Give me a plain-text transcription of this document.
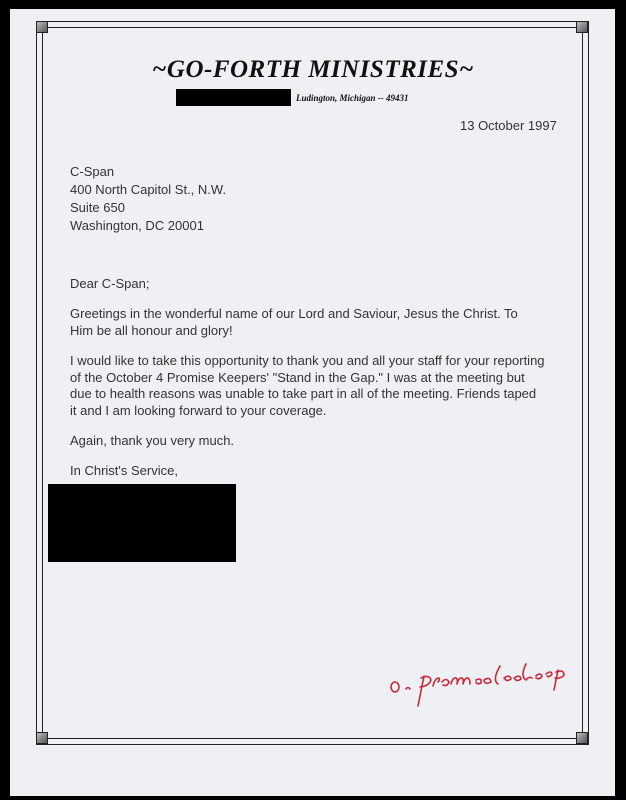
~GO-FORTH MINISTRIES~
Ludington, Michigan -- 49431
13 October 1997
C-Span
400 North Capitol St., N.W.
Suite 650
Washington, DC 20001
Dear C-Span;
Greetings in the wonderful name of our Lord and Saviour, Jesus the Christ. To
Him be all honour and glory!
I would like to take this opportunity to thank you and all your staff for your reporting
of the October 4 Promise Keepers' "Stand in the Gap." I was at the meeting but
due to health reasons was unable to take part in all of the meeting. Friends taped
it and I am looking forward to your coverage.
Again, thank you very much.
In Christ's Service,
